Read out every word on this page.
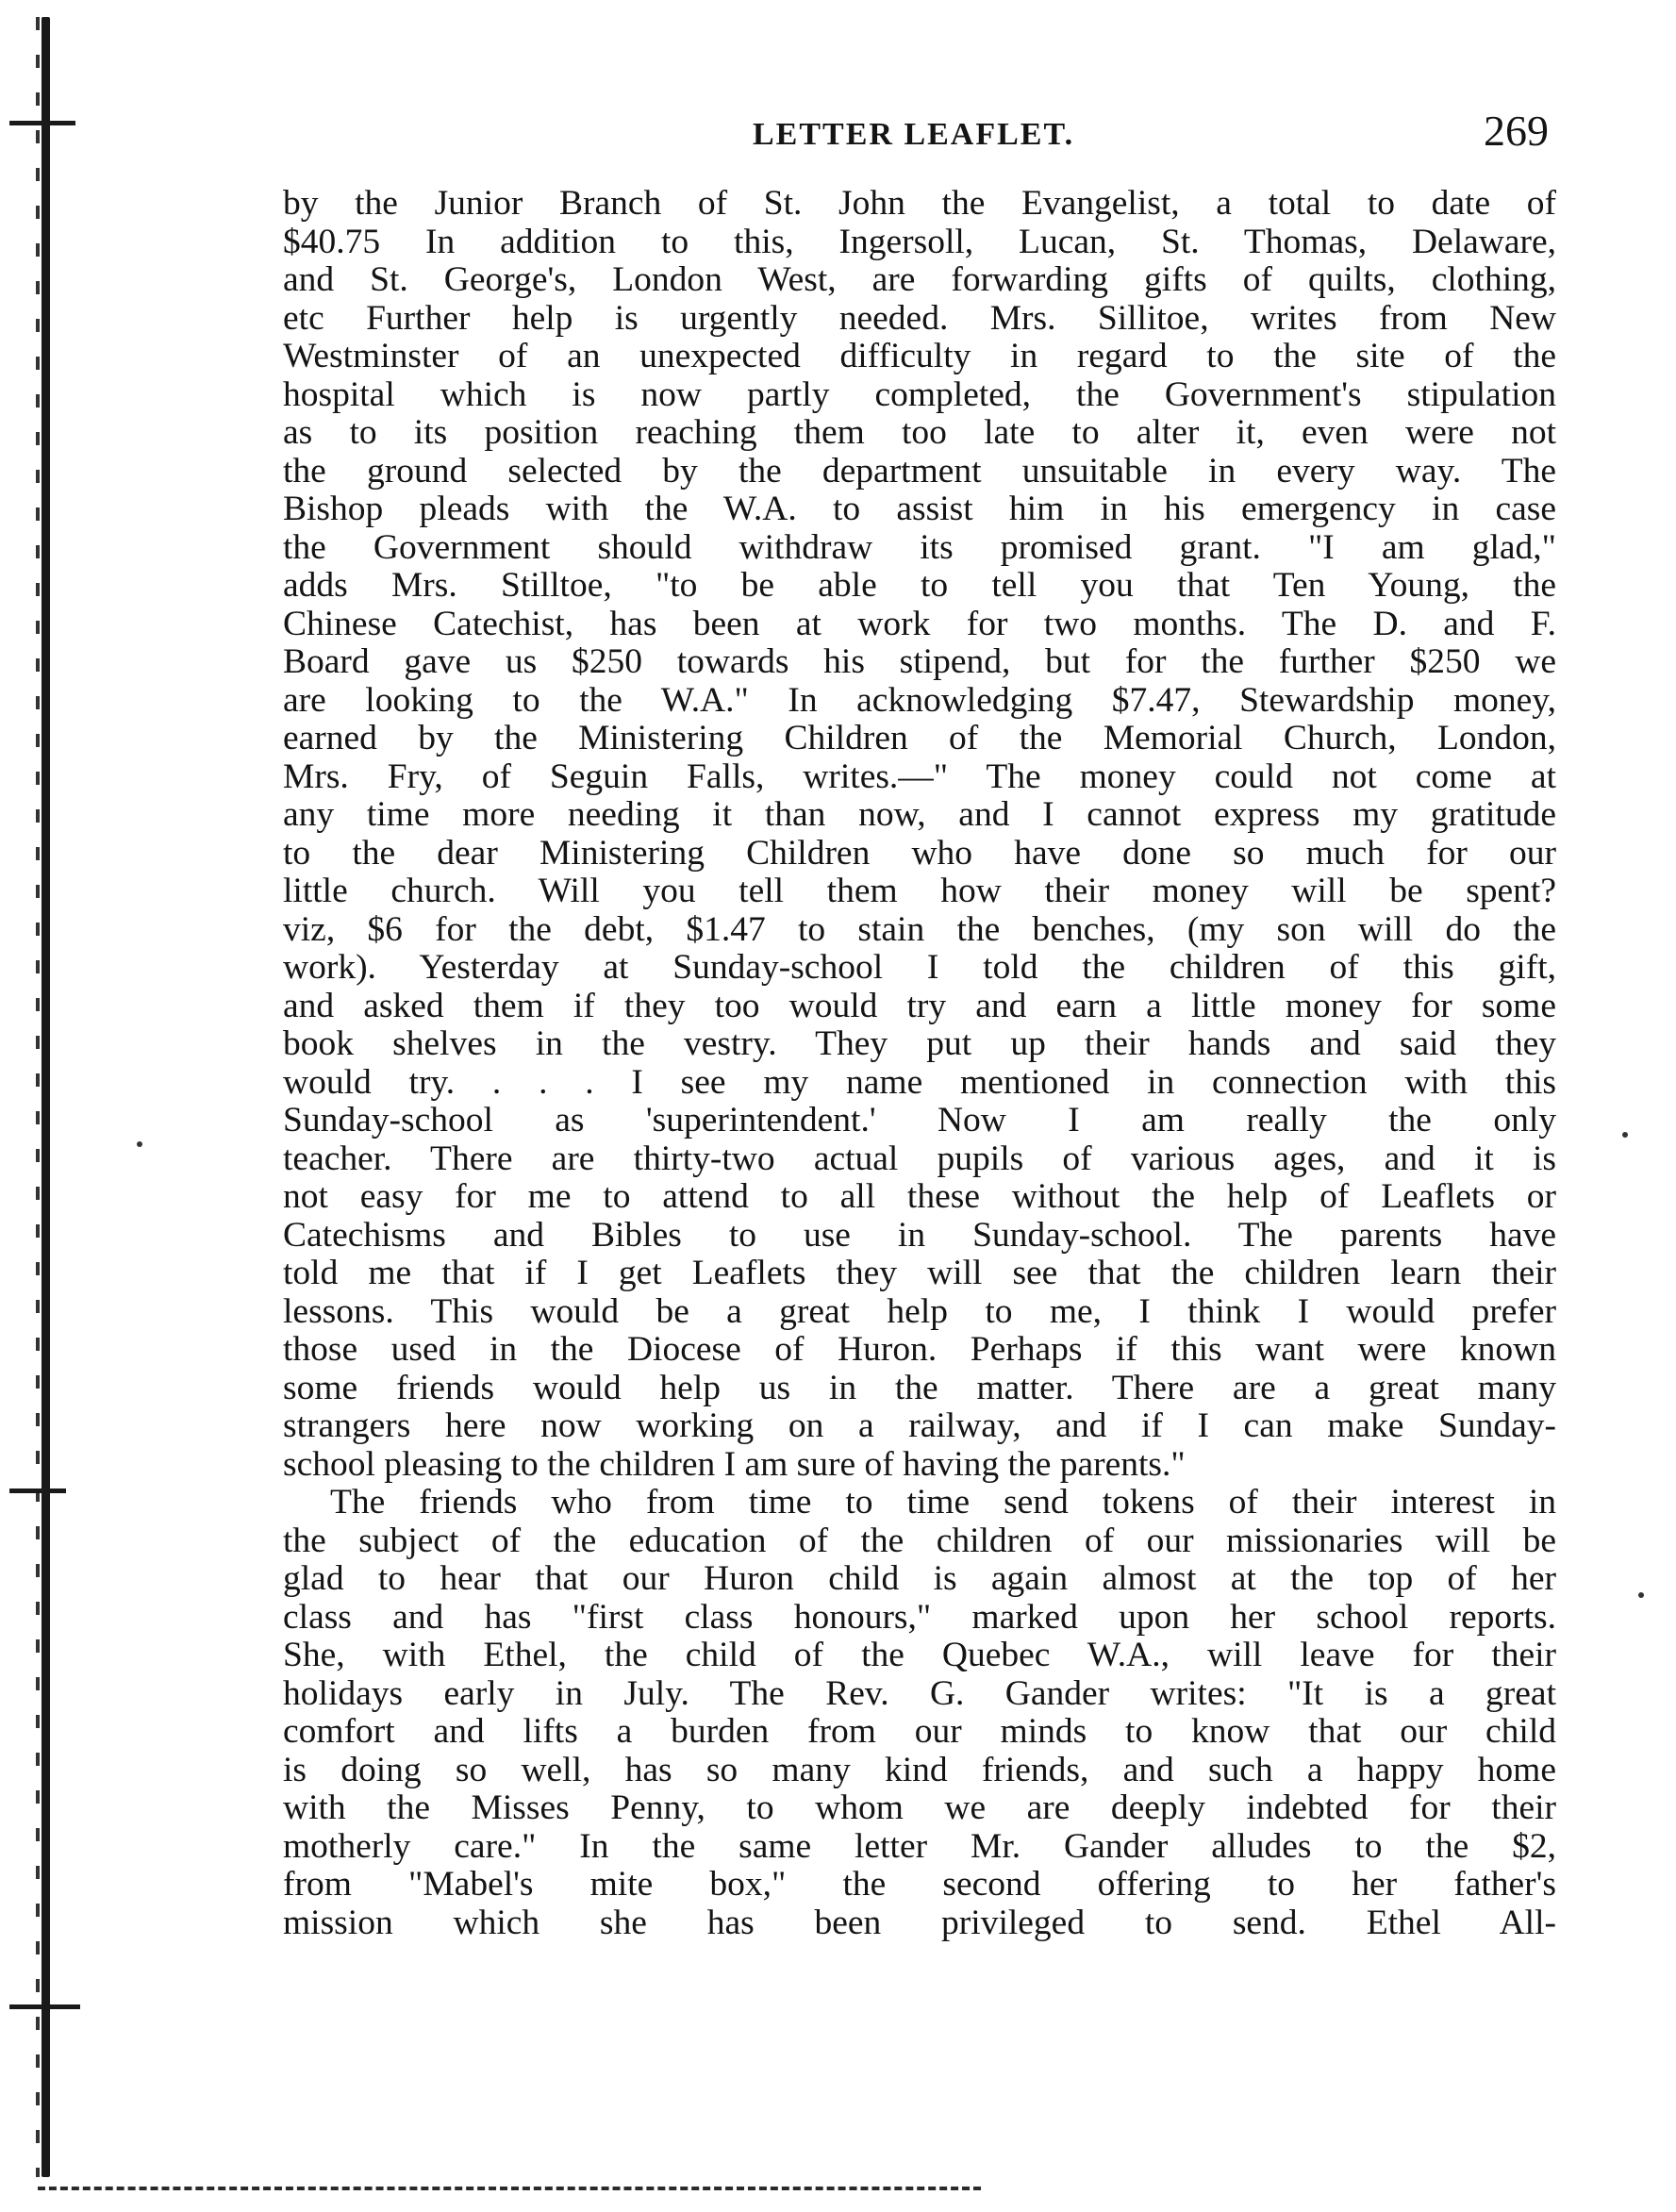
LETTER LEAFLET.	269
by the Junior Branch of St. John the Evangelist, a total to date of
$40.75 In addition to this, Ingersoll, Lucan, St. Thomas, Delaware,
and St. George's, London West, are forwarding gifts of quilts, clothing,
etc Further help is urgently needed. Mrs. Sillitoe, writes from New
Westminster of an unexpected difficulty in regard to the site of the
hospital which is now partly completed, the Government's stipulation
as to its position reaching them too late to alter it, even were not
the ground selected by the department unsuitable in every way. The
Bishop pleads with the W.A. to assist him in his emergency in case
the Government should withdraw its promised grant. "I am glad,"
adds Mrs. Stilltoe, "to be able to tell you that Ten Young, the
Chinese Catechist, has been at work for two months. The D. and F.
Board gave us $250 towards his stipend, but for the further $250 we
are looking to the W.A." In acknowledging $7.47, Stewardship money,
earned by the Ministering Children of the Memorial Church, London,
Mrs. Fry, of Seguin Falls, writes.—" The money could not come at
any time more needing it than now, and I cannot express my gratitude
to the dear Ministering Children who have done so much for our
little church. Will you tell them how their money will be spent?
viz, $6 for the debt, $1.47 to stain the benches, (my son will do the
work). Yesterday at Sunday-school I told the children of this gift,
and asked them if they too would try and earn a little money for some
book shelves in the vestry. They put up their hands and said they
would try. . . . I see my name mentioned in connection with this
Sunday-school as 'superintendent.' Now I am really the only
teacher. There are thirty-two actual pupils of various ages, and it is
not easy for me to attend to all these without the help of Leaflets or
Catechisms and Bibles to use in Sunday-school. The parents have
told me that if I get Leaflets they will see that the children learn their
lessons. This would be a great help to me, I think I would prefer
those used in the Diocese of Huron. Perhaps if this want were known
some friends would help us in the matter. There are a great many
strangers here now working on a railway, and if I can make Sunday-
school pleasing to the children I am sure of having the parents."
The friends who from time to time send tokens of their interest in
the subject of the education of the children of our missionaries will be
glad to hear that our Huron child is again almost at the top of her
class and has "first class honours," marked upon her school reports.
She, with Ethel, the child of the Quebec W.A., will leave for their
holidays early in July. The Rev. G. Gander writes: "It is a great
comfort and lifts a burden from our minds to know that our child
is doing so well, has so many kind friends, and such a happy home
with the Misses Penny, to whom we are deeply indebted for their
motherly care." In the same letter Mr. Gander alludes to the $2,
from "Mabel's mite box," the second offering to her father's
mission which she has been privileged to send. Ethel All-
